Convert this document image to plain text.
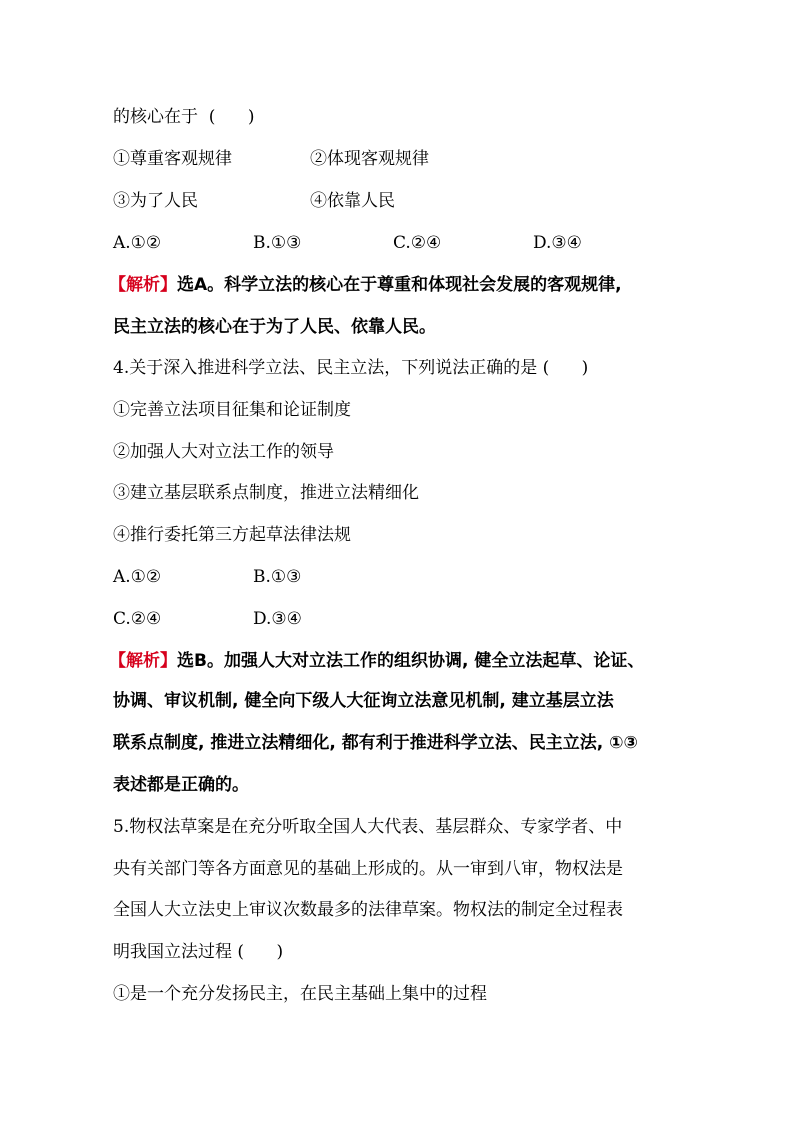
的核心在于  (      )
①尊重客观规律	②体现客观规律
③为了人民	④依靠人民
A.①②	B.①③	C.②④	D.③④
【解析】选A。科学立法的核心在于尊重和体现社会发展的客观规律,
民主立法的核心在于为了人民、依靠人民。
4.关于深入推进科学立法、民主立法，下列说法正确的是 (      )
①完善立法项目征集和论证制度
②加强人大对立法工作的领导
③建立基层联系点制度，推进立法精细化
④推行委托第三方起草法律法规
A.①②	B.①③
C.②④	D.③④
【解析】选B。加强人大对立法工作的组织协调, 健全立法起草、论证、
协调、审议机制, 健全向下级人大征询立法意见机制, 建立基层立法
联系点制度, 推进立法精细化, 都有利于推进科学立法、民主立法, ①③
表述都是正确的。
5.物权法草案是在充分听取全国人大代表、基层群众、专家学者、中
央有关部门等各方面意见的基础上形成的。从一审到八审，物权法是
全国人大立法史上审议次数最多的法律草案。物权法的制定全过程表
明我国立法过程 (      )
①是一个充分发扬民主，在民主基础上集中的过程
